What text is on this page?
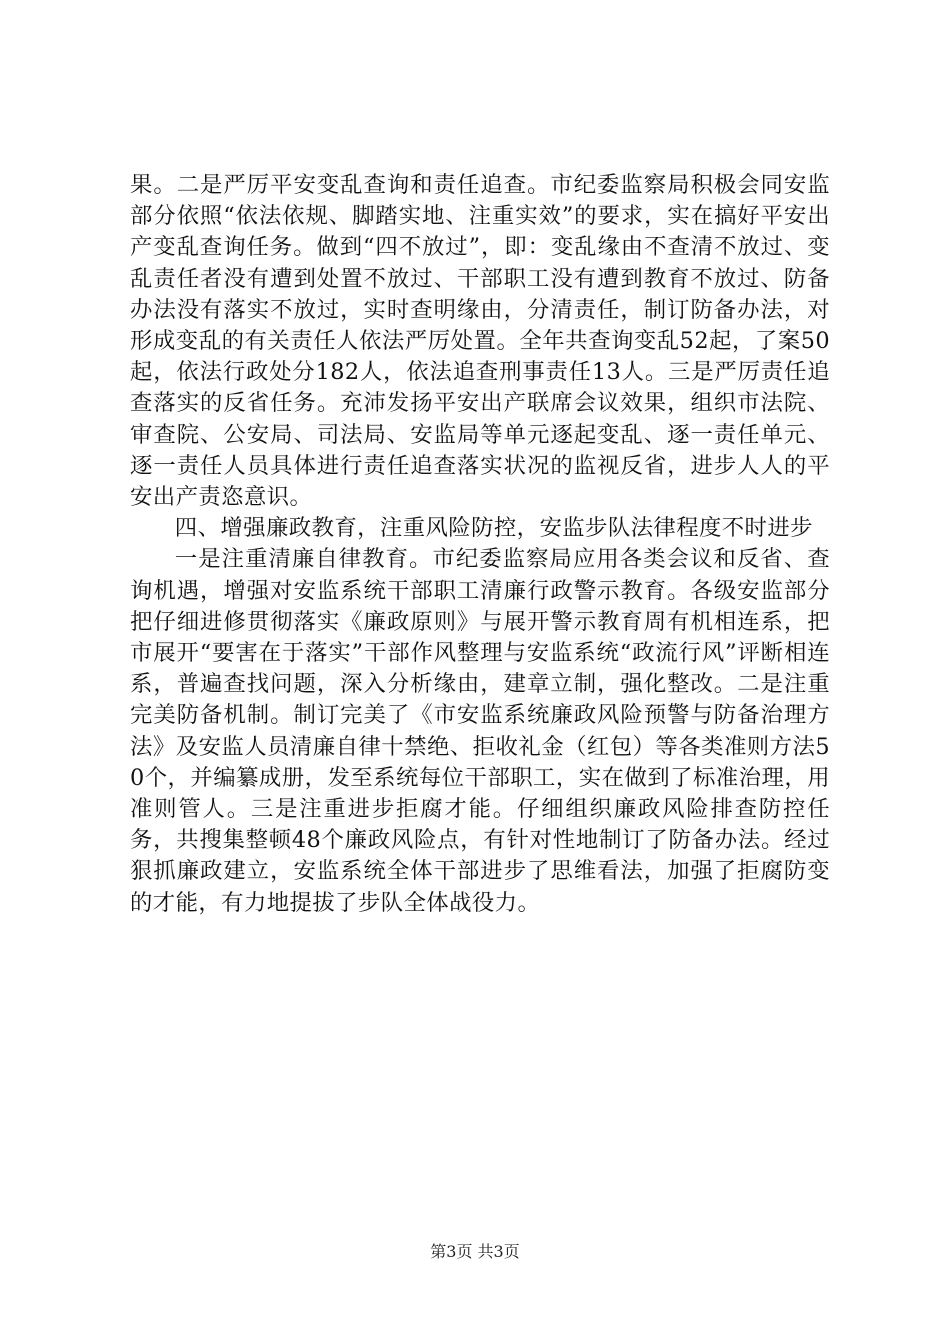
果。二是严厉平安变乱查询和责任追查。市纪委监察局积极会同安监部分依照“依法依规、脚踏实地、注重实效”的要求，实在搞好平安出产变乱查询任务。做到“四不放过”，即：变乱缘由不查清不放过、变乱责任者没有遭到处置不放过、干部职工没有遭到教育不放过、防备办法没有落实不放过，实时查明缘由，分清责任，制订防备办法，对形成变乱的有关责任人依法严厉处置。全年共查询变乱52起，了案50起，依法行政处分182人，依法追查刑事责任13人。三是严厉责任追查落实的反省任务。充沛发扬平安出产联席会议效果，组织市法院、审查院、公安局、司法局、安监局等单元逐起变乱、逐一责任单元、逐一责任人员具体进行责任追查落实状况的监视反省，进步人人的平安出产责恣意识。

四、增强廉政教育，注重风险防控，安监步队法律程度不时进步

一是注重清廉自律教育。市纪委监察局应用各类会议和反省、查询机遇，增强对安监系统干部职工清廉行政警示教育。各级安监部分把仔细进修贯彻落实《廉政原则》与展开警示教育周有机相连系，把市展开“要害在于落实”干部作风整理与安监系统“政流行风”评断相连系，普遍查找问题，深入分析缘由，建章立制，强化整改。二是注重完美防备机制。制订完美了《市安监系统廉政风险预警与防备治理方法》及安监人员清廉自律十禁绝、拒收礼金（红包）等各类准则方法50个，并编纂成册，发至系统每位干部职工，实在做到了标准治理，用准则管人。三是注重进步拒腐才能。仔细组织廉政风险排查防控任务，共搜集整顿48个廉政风险点，有针对性地制订了防备办法。经过狠抓廉政建立，安监系统全体干部进步了思维看法，加强了拒腐防变的才能，有力地提拔了步队全体战役力。

第3页 共3页
